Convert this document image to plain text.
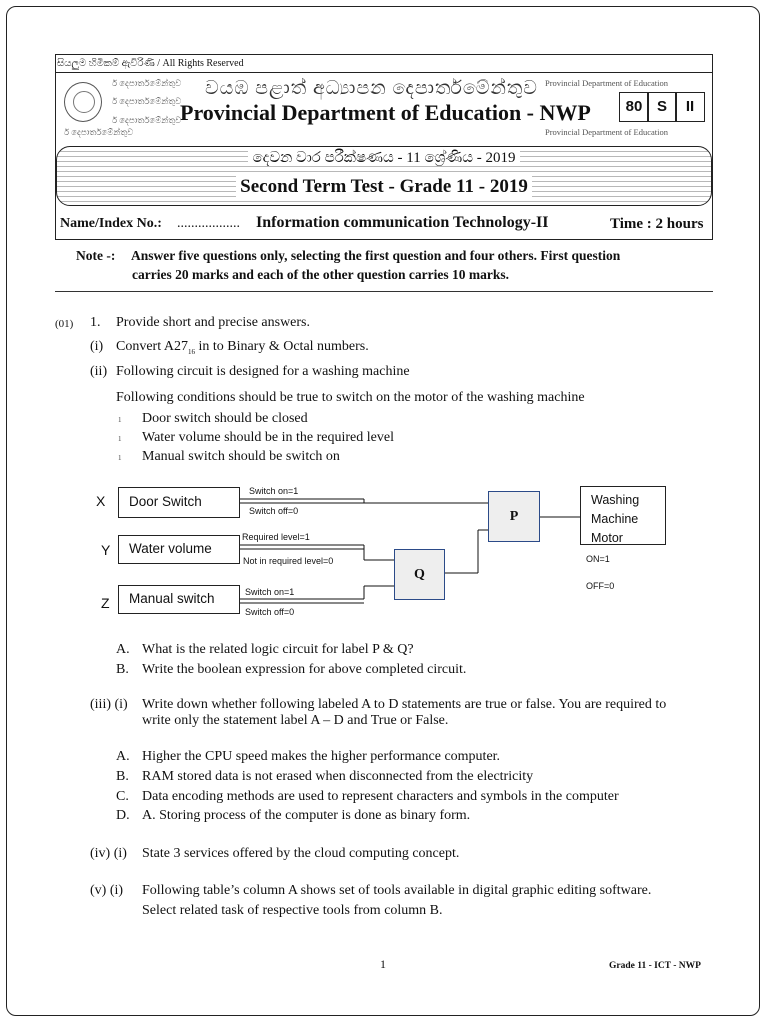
සියලුම හිමිකම් ඇවිරිණි / All Rights Reserved
ර් දෙපාර්තමේන්තුව
ර් දෙපාර්තමේන්තුව
ර් දෙපාර්තමේන්තුව
ර් දෙපාර්තමේන්තුව
Provincial Department of Education
Provincial Department of Education
වයඹ පළාත් අධ්‍යාපන දෙපාර්තමේන්තුව
Provincial Department of Education - NWP	80 S	II
දෙවන වාර පරීක්ෂණය - 11 ශ්‍රේණිය - 2019
Second Term Test - Grade 11 - 2019
Name/Index No.: .................. Information communication Technology-II	Time : 2 hours
Note -: Answer five questions only, selecting the first question and four others. First question
carries 20 marks and each of the other question carries 10 marks.
(01) 1. Provide short and precise answers.
(i) Convert $A27_{16}$ in to Binary & Octal numbers.
(ii) Following circuit is designed for a washing machine
Following conditions should be true to switch on the motor of the washing machine
1 Door switch should be closed
1 Water volume should be in the required level
1 Manual switch should be switch on
X
Y
Z
Door Switch
Water volume
Manual switch
Switch on=1
Switch off=0
Required level=1
Not in required level=0
Switch on=1
Switch off=0
P
Q
Washing
Machine
Motor
ON=1
OFF=0
A. What is the related logic circuit for label P & Q?
B. Write the boolean expression for above completed circuit.
(iii) (i) Write down whether following labeled A to D statements are true or false. You are required to
write only the statement label A – D and True or False.
A. Higher the CPU speed makes the higher performance computer.
B. RAM stored data is not erased when disconnected from the electricity
C. Data encoding methods are used to represent characters and symbols in the computer
D. A. Storing process of the computer is done as binary form.
(iv) (i) State 3 services offered by the cloud computing concept.
(v) (i) Following table’s column A shows set of tools available in digital graphic editing software.
Select related task of respective tools from column B.
1	Grade 11 - ICT - NWP
